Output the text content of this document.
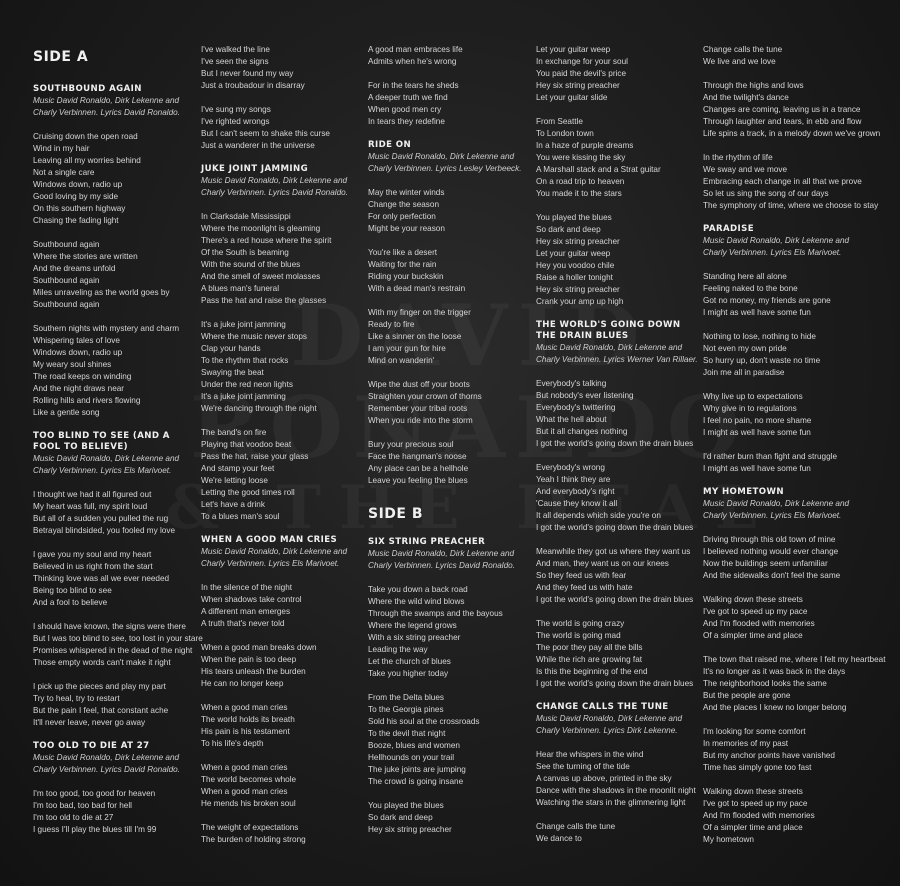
SIDE A
SOUTHBOUND AGAIN
Music David Ronaldo, Dirk Lekenne and Charly Verbinnen. Lyrics David Ronaldo.
Cruising down the open road
Wind in my hair
Leaving all my worries behind
Not a single care
Windows down, radio up
Good loving by my side
On this southern highway
Chasing the fading light
Southbound again
Where the stories are written
And the dreams unfold
Southbound again
Miles unraveling as the world goes by
Southbound again
Southern nights with mystery and charm
Whispering tales of love
Windows down, radio up
My weary soul shines
The road keeps on winding
And the night draws near
Rolling hills and rivers flowing
Like a gentle song
TOO BLIND TO SEE (AND A FOOL TO BELIEVE)
Music David Ronaldo, Dirk Lekenne and Charly Verbinnen. Lyrics Els Marivoet.
I thought we had it all figured out
My heart was full, my spirit loud
But all of a sudden you pulled the rug
Betrayal blindsided, you fooled my love
I gave you my soul and my heart
Believed in us right from the start
Thinking love was all we ever needed
Being too blind to see
And a fool to believe
I should have known, the signs were there
But I was too blind to see, too lost in your stare
Promises whispered in the dead of the night
Those empty words can't make it right
I pick up the pieces and play my part
Try to heal, try to restart
But the pain I feel, that constant ache
It'll never leave, never go away
TOO OLD TO DIE AT 27
Music David Ronaldo, Dirk Lekenne and Charly Verbinnen. Lyrics David Ronaldo.
I'm too good, too good for heaven
I'm too bad, too bad for hell
I'm too old to die at 27
I guess I'll play the blues till I'm 99
I've walked the line
I've seen the signs
But I never found my way
Just a troubadour in disarray
I've sung my songs
I've righted wrongs
But I can't seem to shake this curse
Just a wanderer in the universe
JUKE JOINT JAMMING
Music David Ronaldo, Dirk Lekenne and Charly Verbinnen. Lyrics David Ronaldo.
In Clarksdale Mississippi
Where the moonlight is gleaming
There's a red house where the spirit
Of the South is beaming
With the sound of the blues
And the smell of sweet molasses
A blues man's funeral
Pass the hat and raise the glasses
It's a juke joint jamming
Where the music never stops
Clap your hands
To the rhythm that rocks
Swaying the beat
Under the red neon lights
It's a juke joint jamming
We're dancing through the night
The band's on fire
Playing that voodoo beat
Pass the hat, raise your glass
And stamp your feet
We're letting loose
Letting the good times roll
Let's have a drink
To a blues man's soul
WHEN A GOOD MAN CRIES
Music David Ronaldo, Dirk Lekenne and Charly Verbinnen. Lyrics Els Marivoet.
In the silence of the night
When shadows take control
A different man emerges
A truth that's never told
When a good man breaks down
When the pain is too deep
His tears unleash the burden
He can no longer keep
When a good man cries
The world holds its breath
His pain is his testament
To his life's depth
When a good man cries
The world becomes whole
When a good man cries
He mends his broken soul
The weight of expectations
The burden of holding strong
A good man embraces life
Admits when he's wrong
For in the tears he sheds
A deeper truth we find
When good men cry
In tears they redefine
RIDE ON
Music David Ronaldo, Dirk Lekenne and Charly Verbinnen. Lyrics Lesley Verbeeck.
May the winter winds
Change the season
For only perfection
Might be your reason
You're like a desert
Waiting for the rain
Riding your buckskin
With a dead man's restrain
With my finger on the trigger
Ready to fire
Like a sinner on the loose
I am your gun for hire
Mind on wanderin'
Wipe the dust off your boots
Straighten your crown of thorns
Remember your tribal roots
When you ride into the storm
Bury your precious soul
Face the hangman's noose
Any place can be a hellhole
Leave you feeling the blues
SIDE B
SIX STRING PREACHER
Music David Ronaldo, Dirk Lekenne and Charly Verbinnen. Lyrics David Ronaldo.
Take you down a back road
Where the wild wind blows
Through the swamps and the bayous
Where the legend grows
With a six string preacher
Leading the way
Let the church of blues
Take you higher today
From the Delta blues
To the Georgia pines
Sold his soul at the crossroads
To the devil that night
Booze, blues and women
Hellhounds on your trail
The juke joints are jumping
The crowd is going insane
You played the blues
So dark and deep
Hey six string preacher
Let your guitar weep
In exchange for your soul
You paid the devil's price
Hey six string preacher
Let your guitar slide
From Seattle
To London town
In a haze of purple dreams
You were kissing the sky
A Marshall stack and a Strat guitar
On a road trip to heaven
You made it to the stars
You played the blues
So dark and deep
Hey six string preacher
Let your guitar weep
Hey you voodoo chile
Raise a holler tonight
Hey six string preacher
Crank your amp up high
THE WORLD'S GOING DOWN THE DRAIN BLUES
Music David Ronaldo, Dirk Lekenne and Charly Verbinnen. Lyrics Werner Van Rillaer.
Everybody's talking
But nobody's ever listening
Everybody's twittering
What the hell about
But it all changes nothing
I got the world's going down the drain blues
Everybody's wrong
Yeah I think they are
And everybody's right
'Cause they know it all
It all depends which side you're on
I got the world's going down the drain blues
Meanwhile they got us where they want us
And man, they want us on our knees
So they feed us with fear
And they feed us with hate
I got the world's going down the drain blues
The world is going crazy
The world is going mad
The poor they pay all the bills
While the rich are growing fat
Is this the beginning of the end
I got the world's going down the drain blues
CHANGE CALLS THE TUNE
Music David Ronaldo, Dirk Lekenne and Charly Verbinnen. Lyrics Dirk Lekenne.
Hear the whispers in the wind
See the turning of the tide
A canvas up above, printed in the sky
Dance with the shadows in the moonlit night
Watching the stars in the glimmering light
Change calls the tune
We dance to
Change calls the tune
We live and we love
Through the highs and lows
And the twilight's dance
Changes are coming, leaving us in a trance
Through laughter and tears, in ebb and flow
Life spins a track, in a melody down we've grown
In the rhythm of life
We sway and we move
Embracing each change in all that we prove
So let us sing the song of our days
The symphony of time, where we choose to stay
PARADISE
Music David Ronaldo, Dirk Lekenne and Charly Verbinnen. Lyrics Els Marivoet.
Standing here all alone
Feeling naked to the bone
Got no money, my friends are gone
I might as well have some fun
Nothing to lose, nothing to hide
Not even my own pride
So hurry up, don't waste no time
Join me all in paradise
Why live up to expectations
Why give in to regulations
I feel no pain, no more shame
I might as well have some fun
I'd rather burn than fight and struggle
I might as well have some fun
MY HOMETOWN
Music David Ronaldo, Dirk Lekenne and Charly Verbinnen. Lyrics Els Marivoet.
Driving through this old town of mine
I believed nothing would ever change
Now the buildings seem unfamiliar
And the sidewalks don't feel the same
Walking down these streets
I've got to speed up my pace
And I'm flooded with memories
Of a simpler time and place
The town that raised me, where I felt my heartbeat
It's no longer as it was back in the days
The neighborhood looks the same
But the people are gone
And the places I knew no longer belong
I'm looking for some comfort
In memories of my past
But my anchor points have vanished
Time has simply gone too fast
Walking down these streets
I've got to speed up my pace
And I'm flooded with memories
Of a simpler time and place
My hometown
